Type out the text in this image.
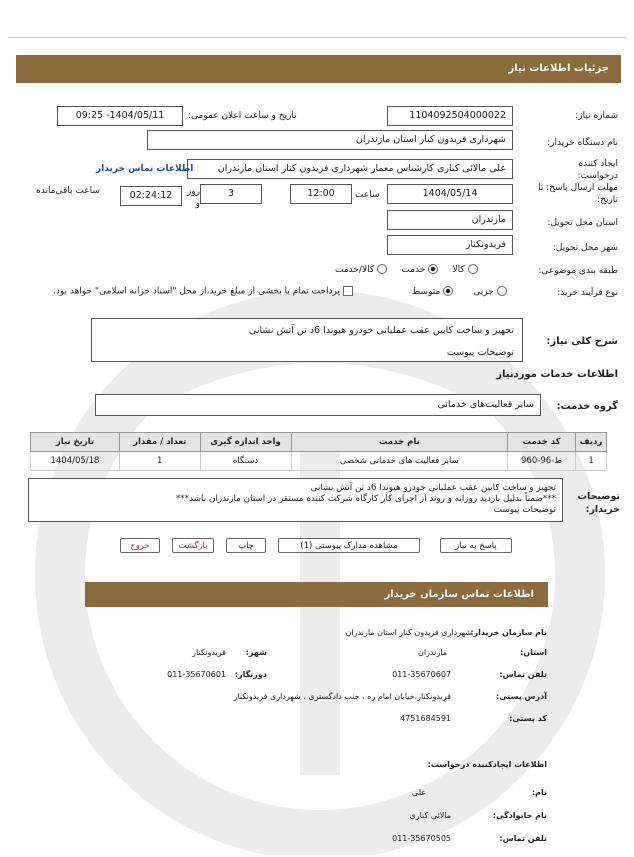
جزئیات اطلاعات نیاز
شماره نیاز:
1104092504000022
تاریخ و ساعت اعلان عمومی:
1404/05/11- 09:25
نام دستگاه خریدار:
شهرداری فریدون کنار استان مازندران
ایجاد کننده درخواست:
علی مالائی کناری کارشناس معمار شهرداری فریدون کنار استان مازندران
اطلاعات تماس خریدار
مهلت ارسال پاسخ: تا تاریخ:
1404/05/14
ساعت
12:00
3
روز و
02:24:12
ساعت باقی‌مانده
استان محل تحویل:
مازندران
شهر محل تحویل:
فریدونکنار
طبقه بندی موضوعی:
کالا      خدمت      کالا/خدمت
نوع فرآیند خرید:
جزیی        متوسط
پرداخت تمام یا بخشی از مبلغ خرید،از محل "اسناد خزانه اسلامی" خواهد بود.
شرح کلی نیاز:
تجهیز و ساخت کابین عقب عملیاتی خودرو هیوندا 6د تن آتش نشانی
توضیحات پیوست
اطلاعات خدمات موردنیاز
گروه خدمت:
سایر فعالیت‌های خدماتی
ردیف	کد خدمت	نام خدمت	واحد اندازه گیری	تعداد / مقدار	تاریخ نیاز
1	ط-96-960	سایر فعالیت های خدماتی شخصی	دستگاه	1	1404/05/18
توضیحات خریدار:
تجهیز و ساخت کابین عقب عملیاتی خودرو هیوندا 6د تن آتش نشانی
***ضمناً بدلیل بازدید روزانه و روند از اجرای کار کارگاه شرکت کننده مستقر در استان مازندران باشد***
توضیحات پیوست
پاسخ به نیاز
مشاهده مدارک پیوستی (1)
چاپ
بازگشت
خروج
اطلاعات تماس سازمان خریدار
نام سازمان خریدار:
شهرداری فریدون کنار استان مازندران
استان:
مازندران
شهر:
فریدونکنار
تلفن تماس:
011-35670607
دورنگار:
011-35670601
آدرس پستی:
فریدونکنار،خیابان امام ره ، جنب دادگستری ، شهرداری فریدونکنار
کد پستی:
4751684591
اطلاعات ایجادکننده درخواست:
نام:
علی
نام خانوادگی:
مالائی کناری
تلفن تماس:
011-35670505
